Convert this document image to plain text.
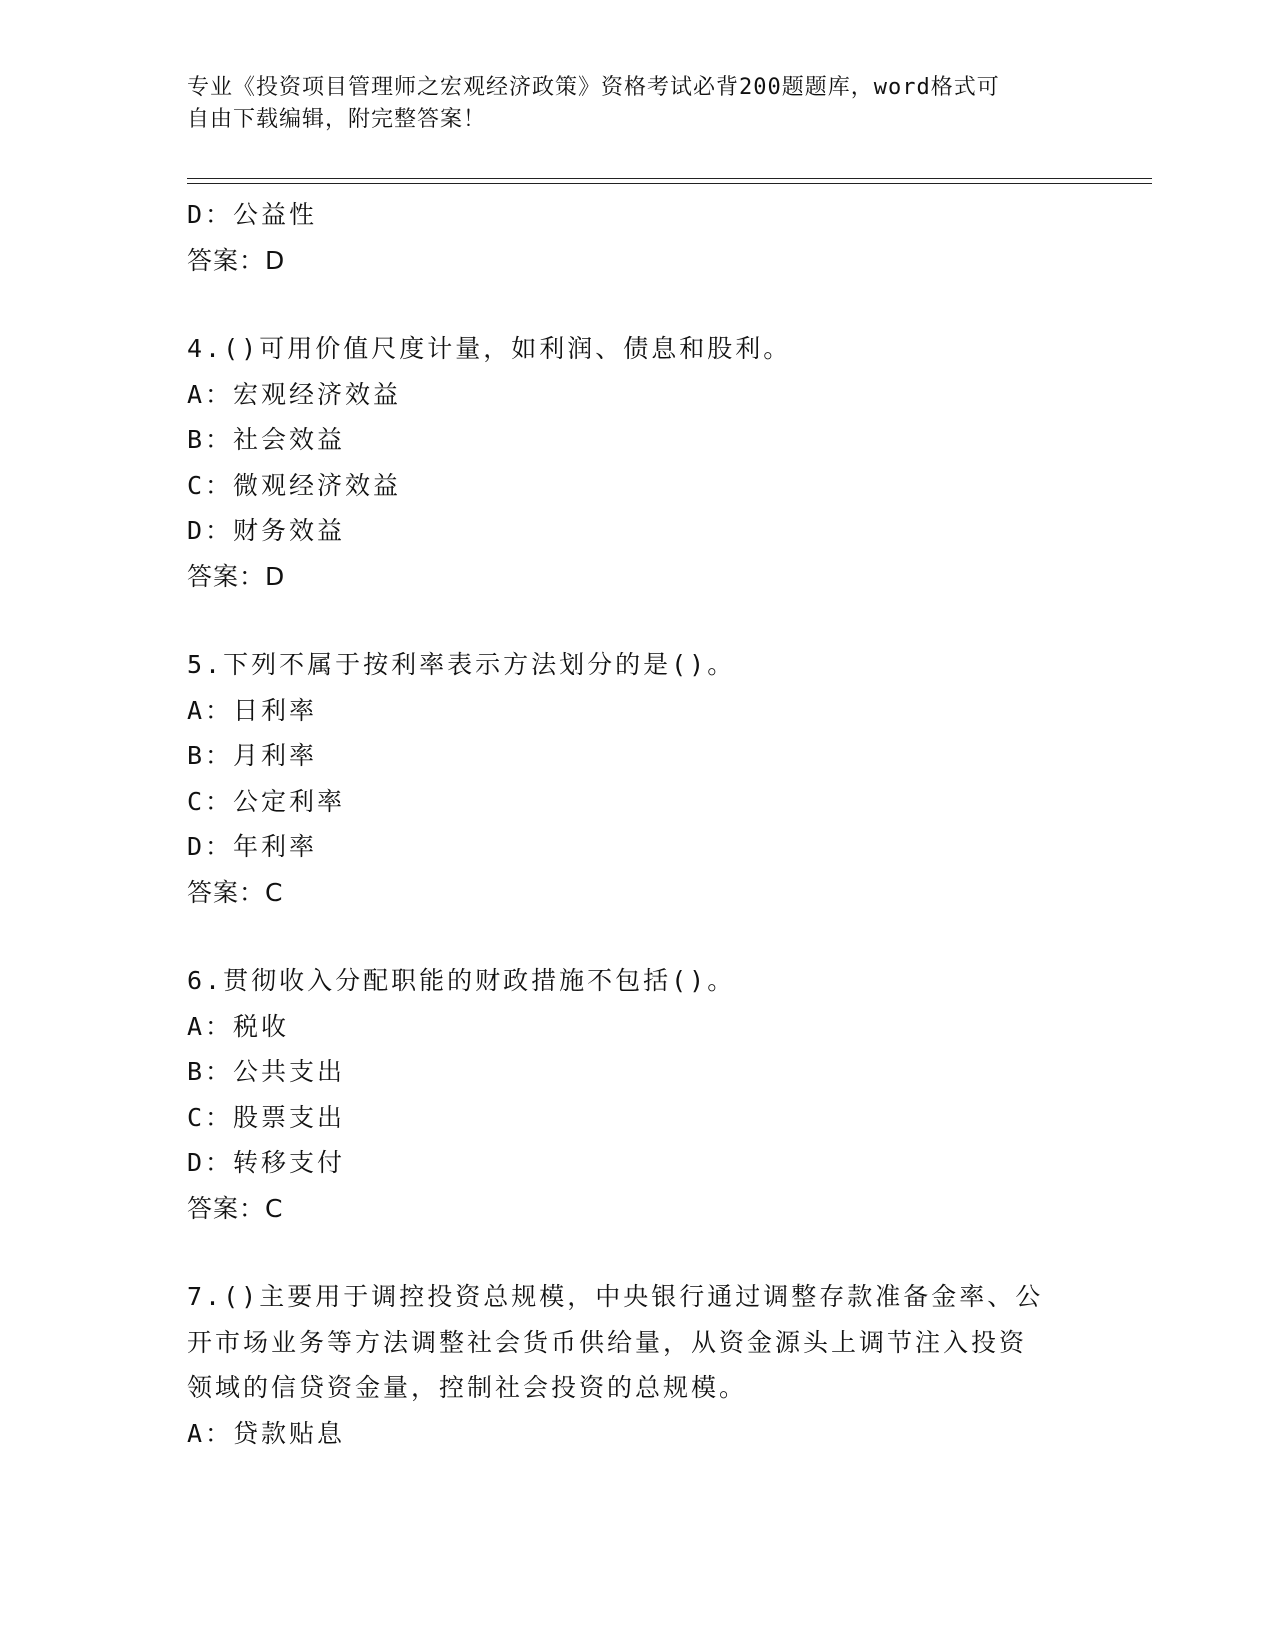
专业《投资项目管理师之宏观经济政策》资格考试必背200题题库，word格式可
自由下载编辑，附完整答案！
D：公益性
答案：D
4.()可用价值尺度计量，如利润、债息和股利。
A：宏观经济效益
B：社会效益
C：微观经济效益
D：财务效益
答案：D
5.下列不属于按利率表示方法划分的是()。
A：日利率
B：月利率
C：公定利率
D：年利率
答案：C
6.贯彻收入分配职能的财政措施不包括()。
A：税收
B：公共支出
C：股票支出
D：转移支付
答案：C
7.()主要用于调控投资总规模，中央银行通过调整存款准备金率、公
开市场业务等方法调整社会货币供给量，从资金源头上调节注入投资
领域的信贷资金量，控制社会投资的总规模。
A：贷款贴息
